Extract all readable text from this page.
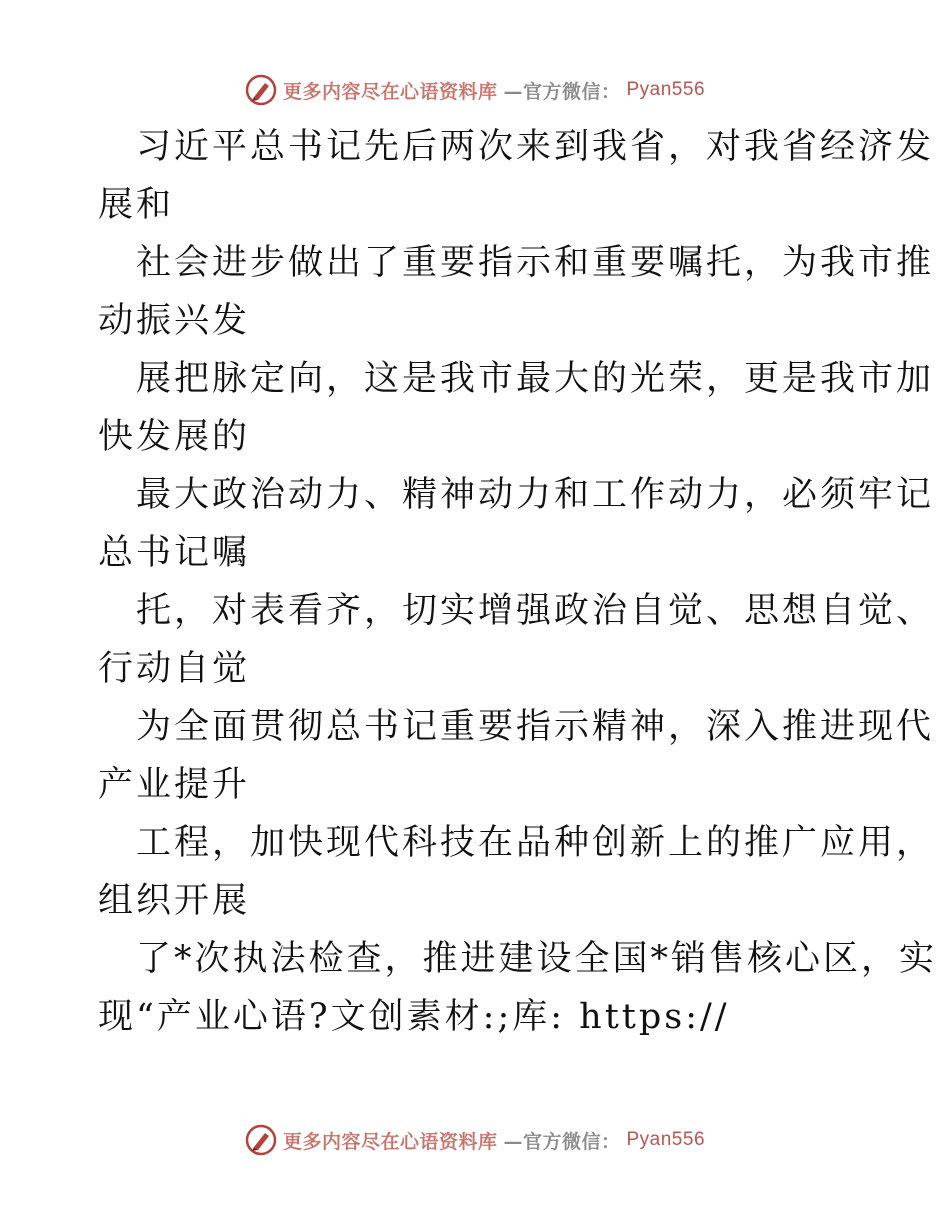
更多内容尽在心语资料库 —官方微信： Pyan556

习近平总书记先后两次来到我省，对我省经济发
展和

社会进步做出了重要指示和重要嘱托，为我市推
动振兴发

展把脉定向，这是我市最大的光荣，更是我市加
快发展的

最大政治动力、精神动力和工作动力，必须牢记
总书记嘱

托，对表看齐，切实增强政治自觉、思想自觉、
行动自觉

为全面贯彻总书记重要指示精神，深入推进现代
产业提升

工程，加快现代科技在品种创新上的推广应用，
组织开展

了*次执法检查，推进建设全国*销售核心区，实
现“产业心语?文创素材:;库: https://

更多内容尽在心语资料库 —官方微信： Pyan556
